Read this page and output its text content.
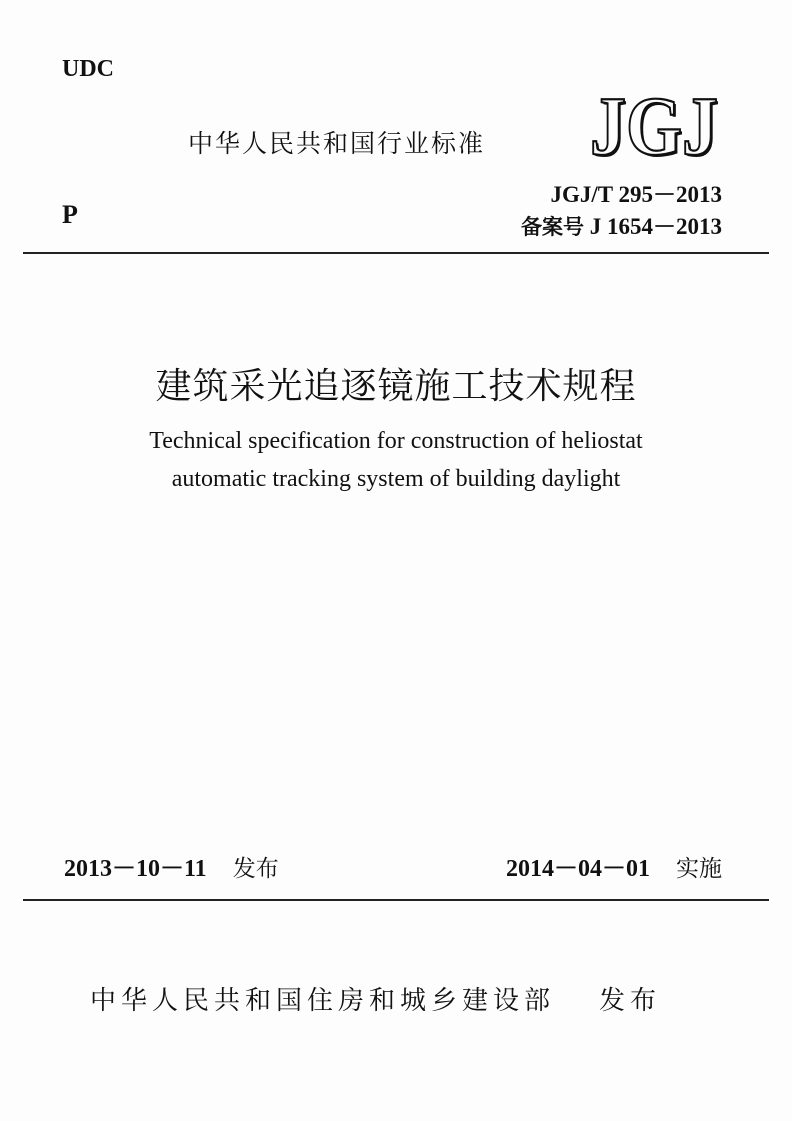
UDC
中华人民共和国行业标准 JGJ
JGJ
P
JGJ/T 295－2013
备案号 J 1654－2013
建筑采光追逐镜施工技术规程
Technical specification for construction of heliostat
automatic tracking system of building daylight
2013－10－11 发布	2014－04－01 实施
中华人民共和国住房和城乡建设部 发布
